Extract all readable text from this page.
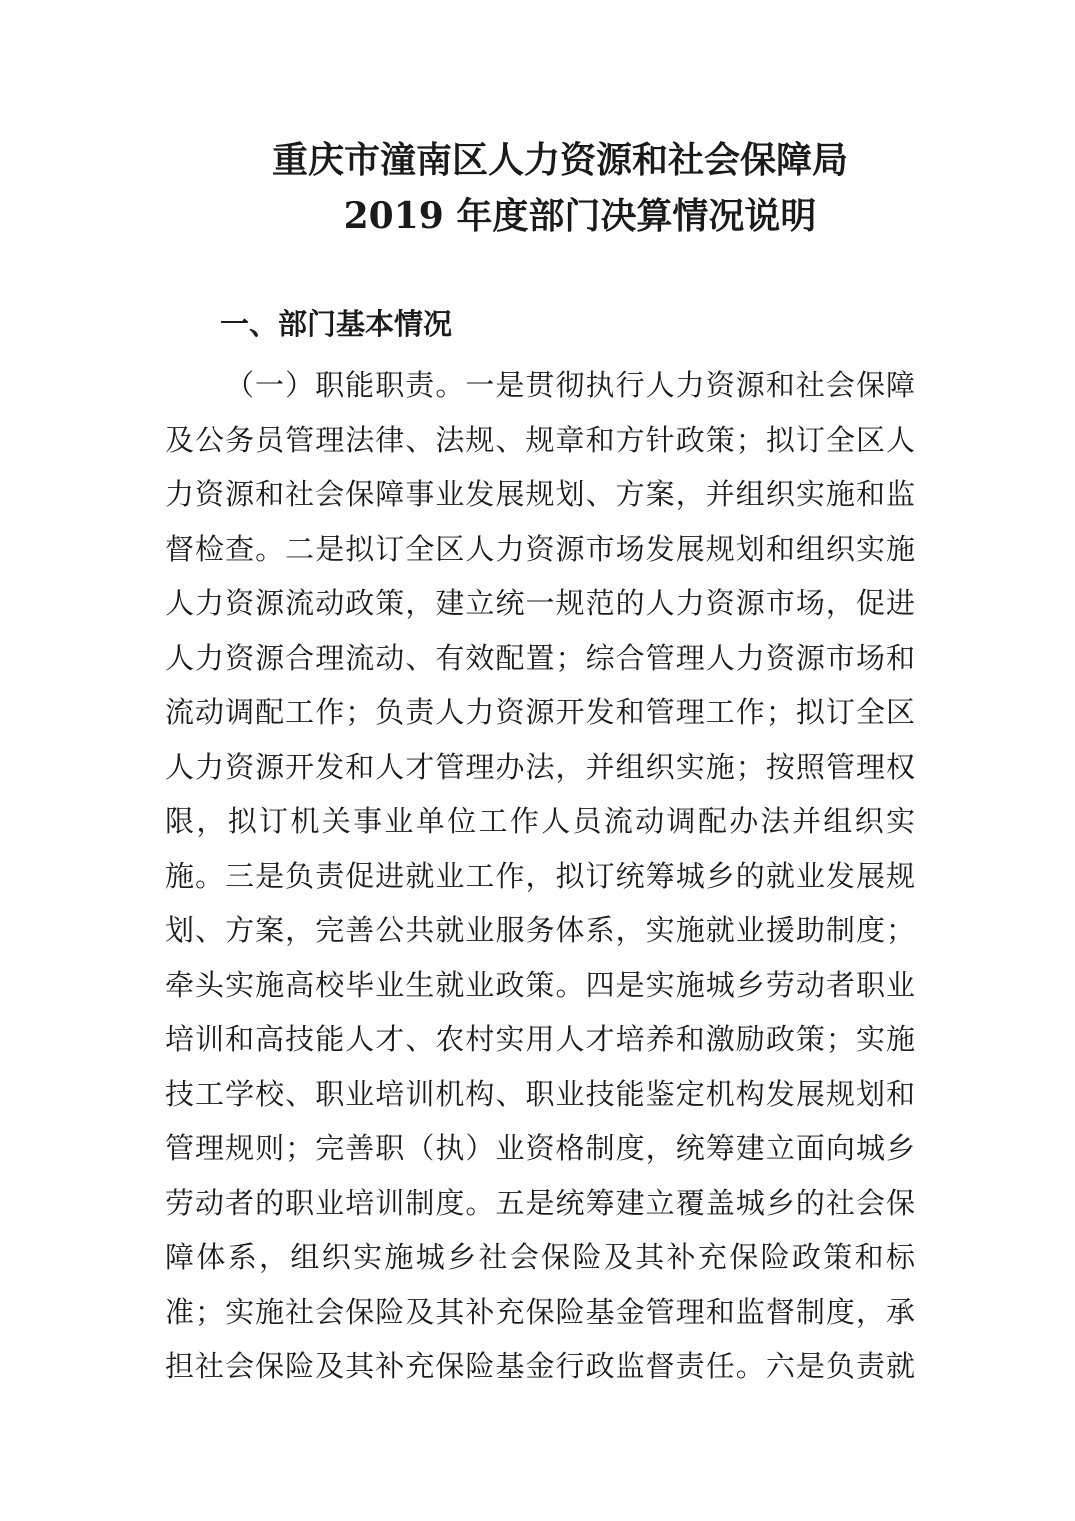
重庆市潼南区人力资源和社会保障局
2019 年度部门决算情况说明
一、部门基本情况
（一）职能职责。一是贯彻执行人力资源和社会保障
及公务员管理法律、法规、规章和方针政策；拟订全区人
力资源和社会保障事业发展规划、方案，并组织实施和监
督检查。二是拟订全区人力资源市场发展规划和组织实施
人力资源流动政策，建立统一规范的人力资源市场，促进
人力资源合理流动、有效配置；综合管理人力资源市场和
流动调配工作；负责人力资源开发和管理工作；拟订全区
人力资源开发和人才管理办法，并组织实施；按照管理权
限，拟订机关事业单位工作人员流动调配办法并组织实
施。三是负责促进就业工作，拟订统筹城乡的就业发展规
划、方案，完善公共就业服务体系，实施就业援助制度；
牵头实施高校毕业生就业政策。四是实施城乡劳动者职业
培训和高技能人才、农村实用人才培养和激励政策；实施
技工学校、职业培训机构、职业技能鉴定机构发展规划和
管理规则；完善职（执）业资格制度，统筹建立面向城乡
劳动者的职业培训制度。五是统筹建立覆盖城乡的社会保
障体系，组织实施城乡社会保险及其补充保险政策和标
准；实施社会保险及其补充保险基金管理和监督制度，承
担社会保险及其补充保险基金行政监督责任。六是负责就
